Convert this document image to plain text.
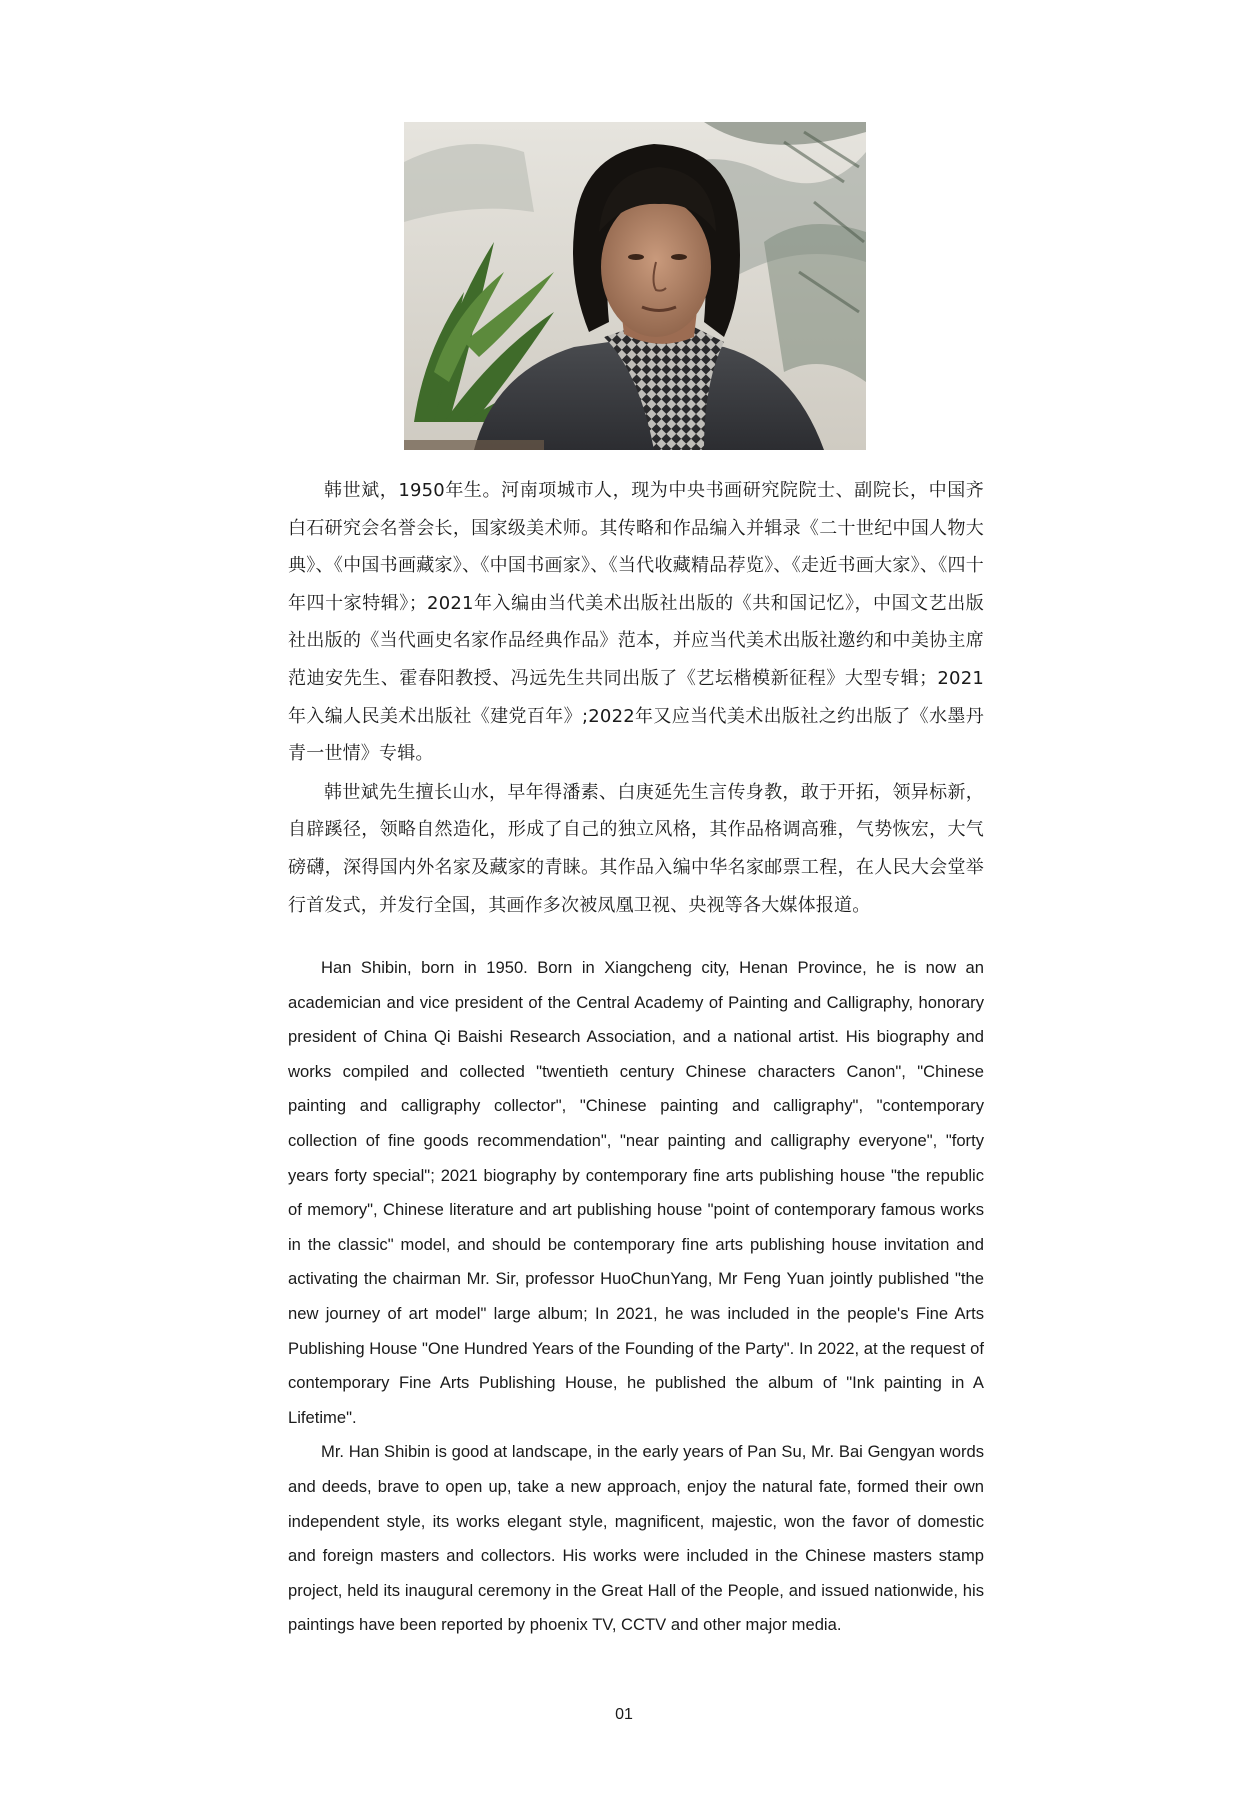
韩世斌，1950年生。河南项城市人，现为中央书画研究院院士、副院长，中国齐白石研究会名誉会长，国家级美术师。其传略和作品编入并辑录《二十世纪中国人物大典》、《中国书画藏家》、《中国书画家》、《当代收藏精品荐览》、《走近书画大家》、《四十年四十家特辑》；2021年入编由当代美术出版社出版的《共和国记忆》，中国文艺出版社出版的《当代画史名家作品经典作品》范本，并应当代美术出版社邀约和中美协主席范迪安先生、霍春阳教授、冯远先生共同出版了《艺坛楷模新征程》大型专辑；2021年入编人民美术出版社《建党百年》;2022年又应当代美术出版社之约出版了《水墨丹青一世情》专辑。

韩世斌先生擅长山水，早年得潘素、白庚延先生言传身教，敢于开拓，领异标新，自辟蹊径，领略自然造化，形成了自己的独立风格，其作品格调高雅，气势恢宏，大气磅礴，深得国内外名家及藏家的青睐。其作品入编中华名家邮票工程，在人民大会堂举行首发式，并发行全国，其画作多次被凤凰卫视、央视等各大媒体报道。

Han Shibin, born in 1950. Born in Xiangcheng city, Henan Province, he is now an academician and vice president of the Central Academy of Painting and Calligraphy, honorary president of China Qi Baishi Research Association, and a national artist. His biography and works compiled and collected "twentieth century Chinese characters Canon", "Chinese painting and calligraphy collector", "Chinese painting and calligraphy", "contemporary collection of fine goods recommendation", "near painting and calligraphy everyone", "forty years forty special"; 2021 biography by contemporary fine arts publishing house "the republic of memory", Chinese literature and art publishing house "point of contemporary famous works in the classic" model, and should be contemporary fine arts publishing house invitation and activating the chairman Mr. Sir, professor HuoChunYang, Mr Feng Yuan jointly published "the new journey of art model" large album; In 2021, he was included in the people's Fine Arts Publishing House "One Hundred Years of the Founding of the Party". In 2022, at the request of contemporary Fine Arts Publishing House, he published the album of "Ink painting in A Lifetime".

Mr. Han Shibin is good at landscape, in the early years of Pan Su, Mr. Bai Gengyan words and deeds, brave to open up, take a new approach, enjoy the natural fate, formed their own independent style, its works elegant style, magnificent, majestic, won the favor of domestic and foreign masters and collectors. His works were included in the Chinese masters stamp project, held its inaugural ceremony in the Great Hall of the People, and issued nationwide, his paintings have been reported by phoenix TV, CCTV and other major media.

01
